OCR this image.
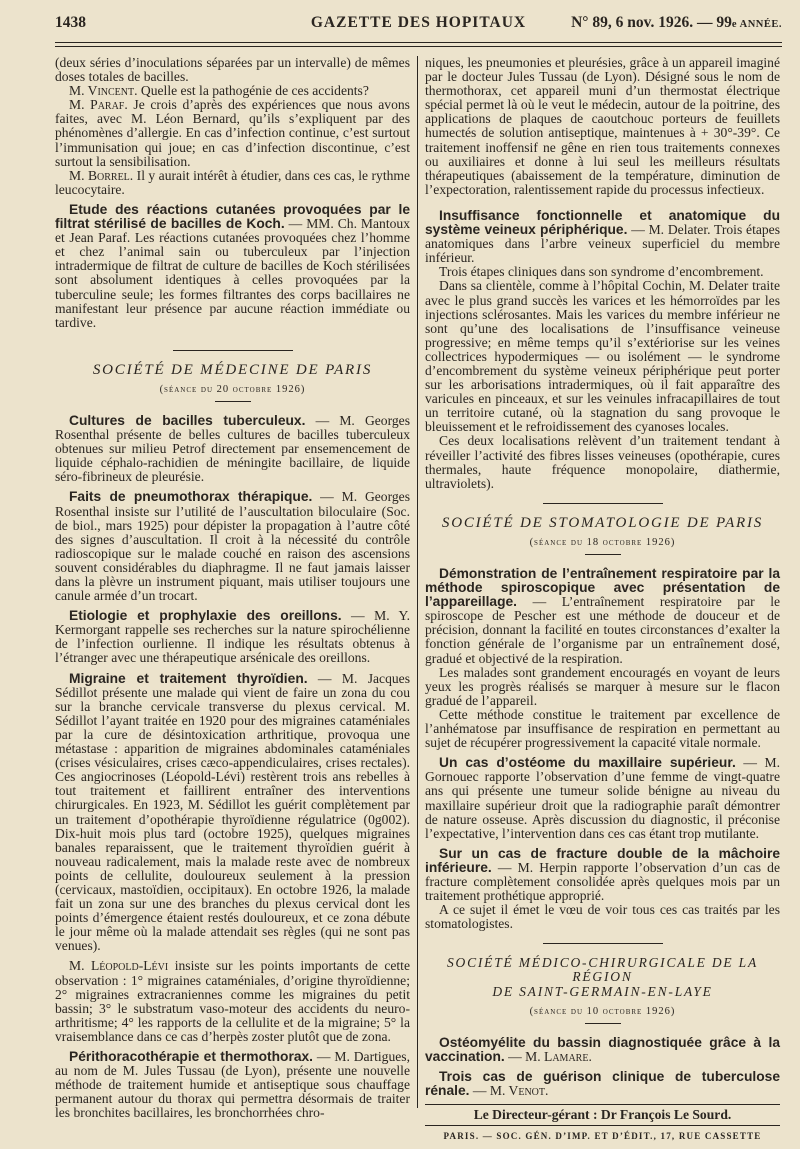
1438	GAZETTE DES HOPITAUX	N° 89, 6 nov. 1926. — 99e ANNÉE.

(deux séries d’inoculations séparées par un intervalle) de mêmes doses totales de bacilles.

M. Vincent. Quelle est la pathogénie de ces accidents?

M. Paraf. Je crois d’après des expériences que nous avons faites, avec M. Léon Bernard, qu’ils s’expliquent par des phénomènes d’allergie. En cas d’infection continue, c’est surtout l’immunisation qui joue; en cas d’infection discontinue, c’est surtout la sensibilisation.

M. Borrel. Il y aurait intérêt à étudier, dans ces cas, le rythme leucocytaire.

Etude des réactions cutanées provoquées par le filtrat stérilisé de bacilles de Koch. — MM. Ch. Mantoux et Jean Paraf. Les réactions cutanées provoquées chez l’homme et chez l’animal sain ou tuberculeux par l’injection intradermique de filtrat de culture de bacilles de Koch stérilisées sont absolument identiques à celles provoquées par la tuberculine seule; les formes filtrantes des corps bacillaires ne manifestant leur présence par aucune réaction immédiate ou tardive.

SOCIÉTÉ DE MÉDECINE DE PARIS

(séance du 20 octobre 1926)

Cultures de bacilles tuberculeux. — M. Georges Rosenthal présente de belles cultures de bacilles tuberculeux obtenues sur milieu Petrof directement par ensemencement de liquide céphalo-rachidien de méningite bacillaire, de liquide séro-fibrineux de pleurésie.

Faits de pneumothorax thérapique. — M. Georges Rosenthal insiste sur l’utilité de l’auscultation biloculaire (Soc. de biol., mars 1925) pour dépister la propagation à l’autre côté des signes d’auscultation. Il croit à la nécessité du contrôle radioscopique sur le malade couché en raison des ascensions souvent considérables du diaphragme. Il ne faut jamais laisser dans la plèvre un instrument piquant, mais utiliser toujours une canule armée d’un trocart.

Etiologie et prophylaxie des oreillons. — M. Y. Kermorgant rappelle ses recherches sur la nature spirochélienne de l’infection ourlienne. Il indique les résultats obtenus à l’étranger avec une thérapeutique arsénicale des oreillons.

Migraine et traitement thyroïdien. — M. Jacques Sédillot présente une malade qui vient de faire un zona du cou sur la branche cervicale transverse du plexus cervical. M. Sédillot l’ayant traitée en 1920 pour des migraines cataméniales par la cure de désintoxication arthritique, provoqua une métastase : apparition de migraines abdominales cataméniales (crises vésiculaires, crises cæco-appendiculaires, crises rectales). Ces angiocrinoses (Léopold-Lévi) restèrent trois ans rebelles à tout traitement et faillirent entraîner des interventions chirurgicales. En 1923, M. Sédillot les guérit complètement par un traitement d’opothérapie thyroïdienne régulatrice (0g002). Dix-huit mois plus tard (octobre 1925), quelques migraines banales reparaissent, que le traitement thyroïdien guérit à nouveau radicalement, mais la malade reste avec de nombreux points de cellulite, douloureux seulement à la pression (cervicaux, mastoïdien, occipitaux). En octobre 1926, la malade fait un zona sur une des branches du plexus cervical dont les points d’émergence étaient restés douloureux, et ce zona débute le jour même où la malade attendait ses règles (qui ne sont pas venues).

M. Léopold-Lévi insiste sur les points importants de cette observation : 1° migraines cataméniales, d’origine thyroïdienne; 2° migraines extracraniennes comme les migraines du petit bassin; 3° le substratum vaso-moteur des accidents du neuro-arthritisme; 4° les rapports de la cellulite et de la migraine; 5° la vraisemblance dans ce cas d’herpès zoster plutôt que de zona.

Périthoracothérapie et thermothorax. — M. Dartigues, au nom de M. Jules Tussau (de Lyon), présente une nouvelle méthode de traitement humide et antiseptique sous chauffage permanent autour du thorax qui permettra désormais de traiter les bronchites bacillaires, les bronchorrhées chro-

niques, les pneumonies et pleurésies, grâce à un appareil imaginé par le docteur Jules Tussau (de Lyon). Désigné sous le nom de thermothorax, cet appareil muni d’un thermostat électrique spécial permet là où le veut le médecin, autour de la poitrine, des applications de plaques de caoutchouc porteurs de feuillets humectés de solution antiseptique, maintenues à + 30°-39°. Ce traitement inoffensif ne gêne en rien tous traitements connexes ou auxiliaires et donne à lui seul les meilleurs résultats thérapeutiques (abaissement de la température, diminution de l’expectoration, ralentissement rapide du processus infectieux.

Insuffisance fonctionnelle et anatomique du système veineux périphérique. — M. Delater. Trois étapes anatomiques dans l’arbre veineux superficiel du membre inférieur.

Trois étapes cliniques dans son syndrome d’encombrement.

Dans sa clientèle, comme à l’hôpital Cochin, M. Delater traite avec le plus grand succès les varices et les hémorroïdes par les injections sclérosantes. Mais les varices du membre inférieur ne sont qu’une des localisations de l’insuffisance veineuse progressive; en même temps qu’il s’extériorise sur les veines collectrices hypodermiques — ou isolément — le syndrome d’encombrement du système veineux périphérique peut porter sur les arborisations intradermiques, où il fait apparaître des varicules en pinceaux, et sur les veinules infracapillaires de tout un territoire cutané, où la stagnation du sang provoque le bleuissement et le refroidissement des cyanoses locales.

Ces deux localisations relèvent d’un traitement tendant à réveiller l’activité des fibres lisses veineuses (opothérapie, cures thermales, haute fréquence monopolaire, diathermie, ultraviolets).

SOCIÉTÉ DE STOMATOLOGIE DE PARIS

(séance du 18 octobre 1926)

Démonstration de l’entraînement respiratoire par la méthode spiroscopique avec présentation de l’appareillage. — L’entraînement respiratoire par le spiroscope de Pescher est une méthode de douceur et de précision, donnant la facilité en toutes circonstances d’exalter la fonction générale de l’organisme par un entraînement dosé, gradué et objectivé de la respiration.

Les malades sont grandement encouragés en voyant de leurs yeux les progrès réalisés se marquer à mesure sur le flacon gradué de l’appareil.

Cette méthode constitue le traitement par excellence de l’anhématose par insuffisance de respiration en permettant au sujet de récupérer progressivement la capacité vitale normale.

Un cas d’ostéome du maxillaire supérieur. — M. Gornouec rapporte l’observation d’une femme de vingt-quatre ans qui présente une tumeur solide bénigne au niveau du maxillaire supérieur droit que la radiographie paraît démontrer de nature osseuse. Après discussion du diagnostic, il préconise l’expectative, l’intervention dans ces cas étant trop mutilante.

Sur un cas de fracture double de la mâchoire inférieure. — M. Herpin rapporte l’observation d’un cas de fracture complètement consolidée après quelques mois par un traitement prothétique approprié.

A ce sujet il émet le vœu de voir tous ces cas traités par les stomatologistes.

SOCIÉTÉ MÉDICO-CHIRURGICALE DE LA RÉGION

DE SAINT-GERMAIN-EN-LAYE

(séance du 10 octobre 1926)

Ostéomyélite du bassin diagnostiquée grâce à la vaccination. — M. Lamare.

Trois cas de guérison clinique de tuberculose rénale. — M. Venot.

Le Directeur-gérant : Dr François Le Sourd.

PARIS. — SOC. GÉN. D’IMP. ET D’ÉDIT., 17, RUE CASSETTE
